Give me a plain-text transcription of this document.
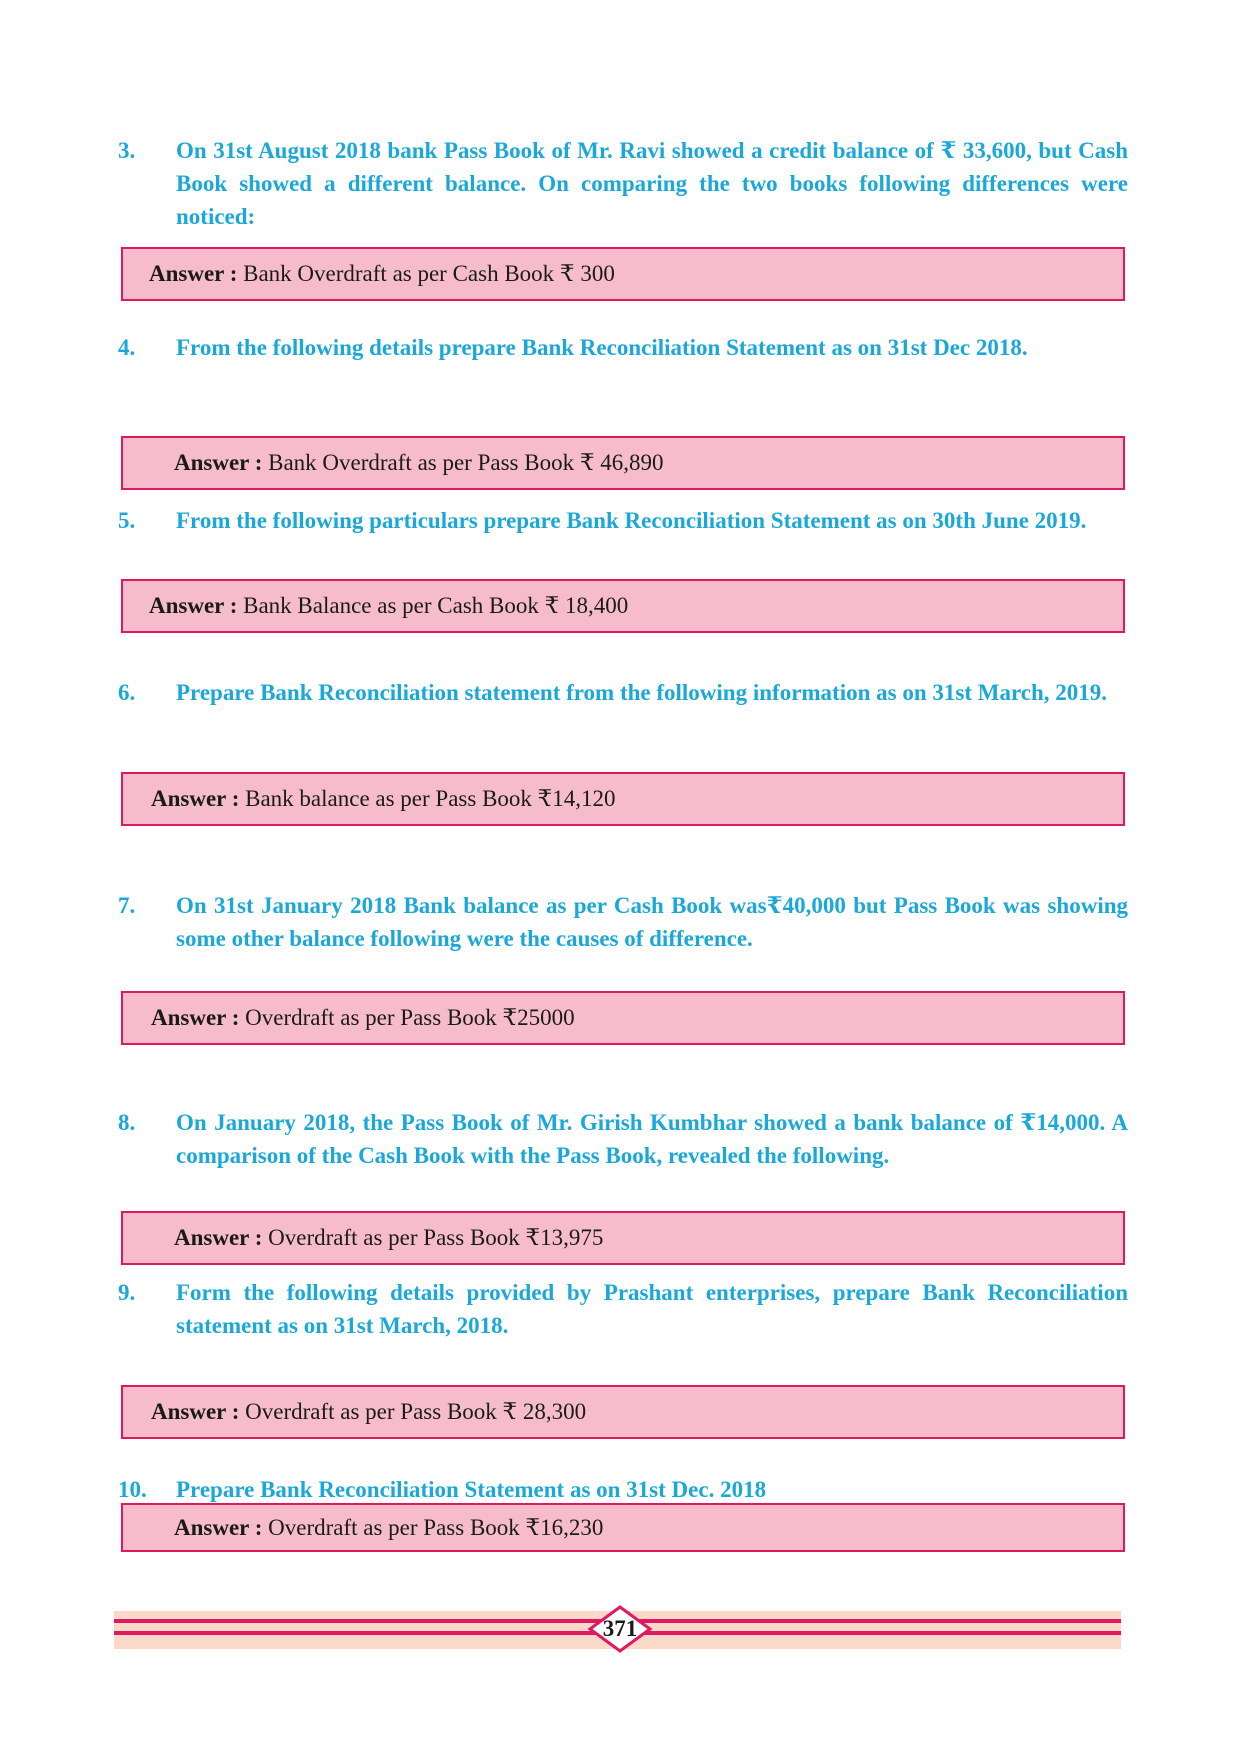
3. On 31st August 2018 bank Pass Book of Mr. Ravi showed a credit balance of ₹ 33,600, but Cash Book showed a different balance. On comparing the two books following differences were noticed:
Answer :
Bank Overdraft as per Cash Book ₹ 300
4. From the following details prepare Bank Reconciliation Statement as on 31st Dec 2018.
Answer :
Bank Overdraft as per Pass Book ₹ 46,890
5. From the following particulars prepare Bank Reconciliation Statement as on 30th June 2019.
Answer :
Bank Balance as per Cash Book ₹ 18,400
6. Prepare Bank Reconciliation statement from the following information as on 31st March, 2019.
Answer :
Bank balance as per Pass Book ₹14,120
7. On 31st January 2018 Bank balance as per Cash Book was₹40,000 but Pass Book was showing some other balance following were the causes of difference.
Answer :
Overdraft as per Pass Book ₹25000
8. On January 2018, the Pass Book of Mr. Girish Kumbhar showed a bank balance of ₹14,000. A comparison of the Cash Book with the Pass Book, revealed the following.
Answer :
Overdraft as per Pass Book ₹13,975
9. Form the following details provided by Prashant enterprises, prepare Bank Reconciliation statement as on 31st March, 2018.
Answer :
Overdraft as per Pass Book ₹ 28,300
10. Prepare Bank Reconciliation Statement as on 31st Dec. 2018
Answer :
Overdraft as per Pass Book ₹16,230
371
